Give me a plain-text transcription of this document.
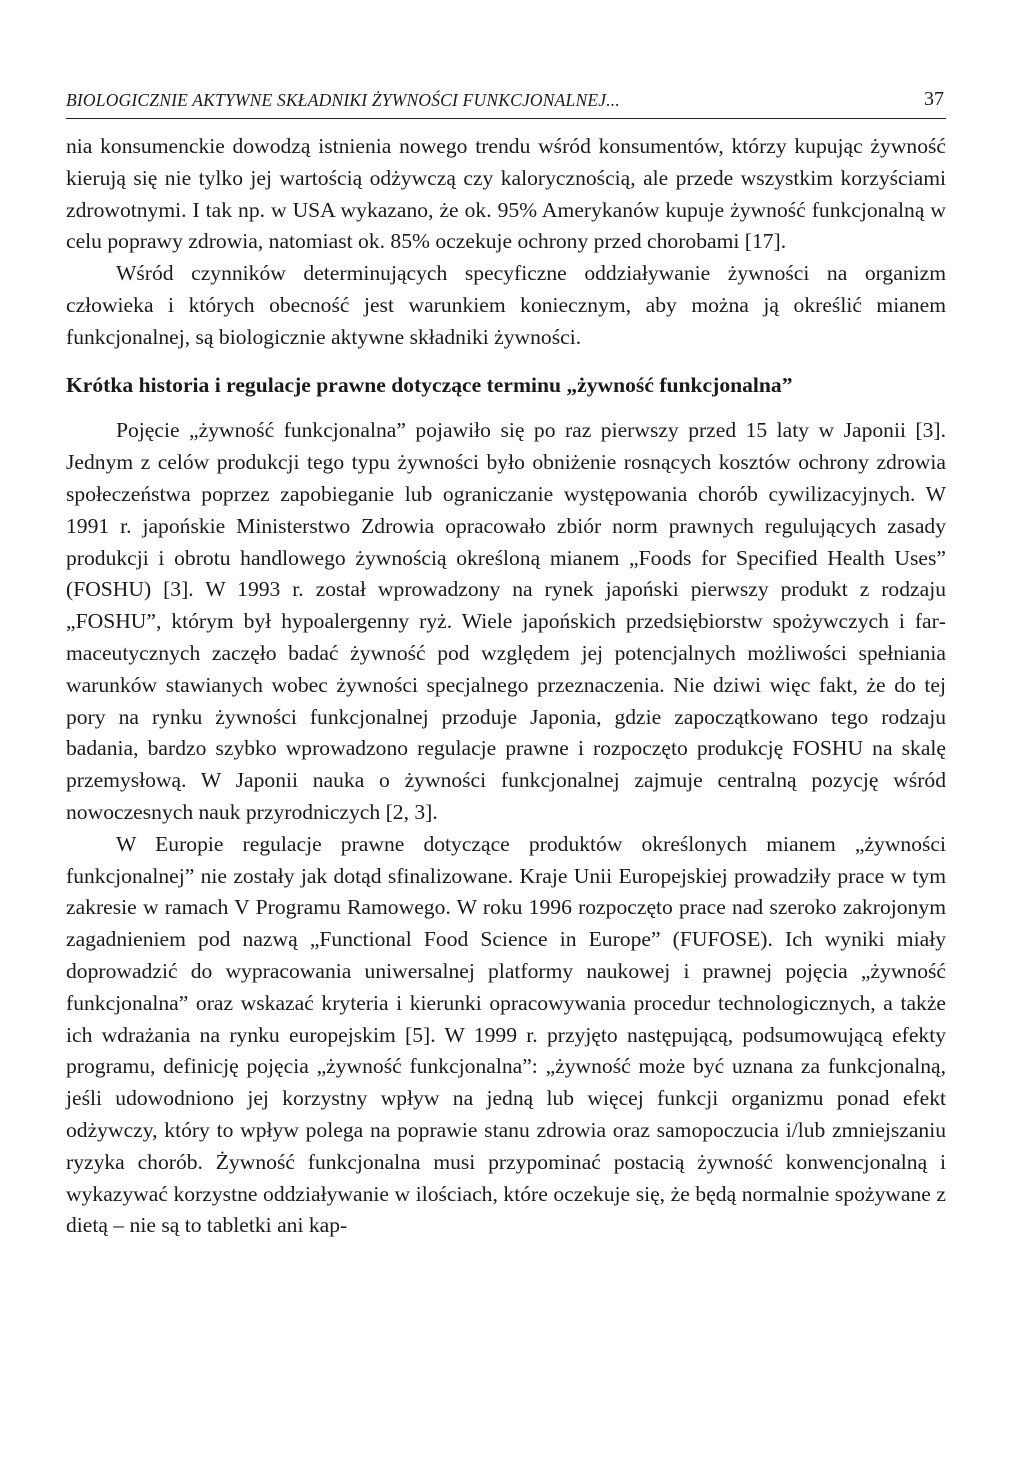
BIOLOGICZNIE AKTYWNE SKŁADNIKI ŻYWNOŚCI FUNKCJONALNEJ...	37

nia konsumenckie dowodzą istnienia nowego trendu wśród konsumentów, którzy kupując żywność kierują się nie tylko jej wartością odżywczą czy kalorycznością, ale przede wszystkim korzyściami zdrowotnymi. I tak np. w USA wykazano, że ok. 95% Amerykanów kupuje żywność funkcjonalną w celu poprawy zdrowia, natomiast ok. 85% oczekuje ochrony przed chorobami [17].

Wśród czynników determinujących specyficzne oddziaływanie żywności na organizm człowieka i których obecność jest warunkiem koniecznym, aby można ją określić mianem funkcjonalnej, są biologicznie aktywne składniki żywności.

Krótka historia i regulacje prawne dotyczące terminu „żywność funkcjonalna”

Pojęcie „żywność funkcjonalna” pojawiło się po raz pierwszy przed 15 laty w Japonii [3]. Jednym z celów produkcji tego typu żywności było obniżenie rosnących kosztów ochrony zdrowia społeczeństwa poprzez zapobieganie lub ograniczanie występowania chorób cywilizacyjnych. W 1991 r. japońskie Ministerstwo Zdrowia opracowało zbiór norm prawnych regulujących zasady produkcji i obrotu handlowego żywnością określoną mianem „Foods for Specified Health Uses” (FOSHU) [3]. W 1993 r. został wprowadzony na rynek japoński pierwszy produkt z rodzaju „FOSHU”, którym był hypoalergenny ryż. Wiele japońskich przedsiębiorstw spożywczych i farmaceutycznych zaczęło badać żywność pod względem jej potencjalnych możliwości spełniania warunków stawianych wobec żywności specjalnego przeznaczenia. Nie dziwi więc fakt, że do tej pory na rynku żywności funkcjonalnej przoduje Japonia, gdzie zapoczątkowano tego rodzaju badania, bardzo szybko wprowadzono regulacje prawne i rozpoczęto produkcję FOSHU na skalę przemysłową. W Japonii nauka o żywności funkcjonalnej zajmuje centralną pozycję wśród nowoczesnych nauk przyrodniczych [2, 3].

W Europie regulacje prawne dotyczące produktów określonych mianem „żywności funkcjonalnej” nie zostały jak dotąd sfinalizowane. Kraje Unii Europejskiej prowadziły prace w tym zakresie w ramach V Programu Ramowego. W roku 1996 rozpoczęto prace nad szeroko zakrojonym zagadnieniem pod nazwą „Functional Food Science in Europe” (FUFOSE). Ich wyniki miały doprowadzić do wypracowania uniwersalnej platformy naukowej i prawnej pojęcia „żywność funkcjonalna” oraz wskazać kryteria i kierunki opracowywania procedur technologicznych, a także ich wdrażania na rynku europejskim [5]. W 1999 r. przyjęto następującą, podsumowującą efekty programu, definicję pojęcia „żywność funkcjonalna”: „żywność może być uznana za funkcjonalną, jeśli udowodniono jej korzystny wpływ na jedną lub więcej funkcji organizmu ponad efekt odżywczy, który to wpływ polega na poprawie stanu zdrowia oraz samopoczucia i/lub zmniejszaniu ryzyka chorób. Żywność funkcjonalna musi przypominać postacią żywność konwencjonalną i wykazywać korzystne oddziaływanie w ilościach, które oczekuje się, że będą normalnie spożywane z dietą – nie są to tabletki ani kap-
